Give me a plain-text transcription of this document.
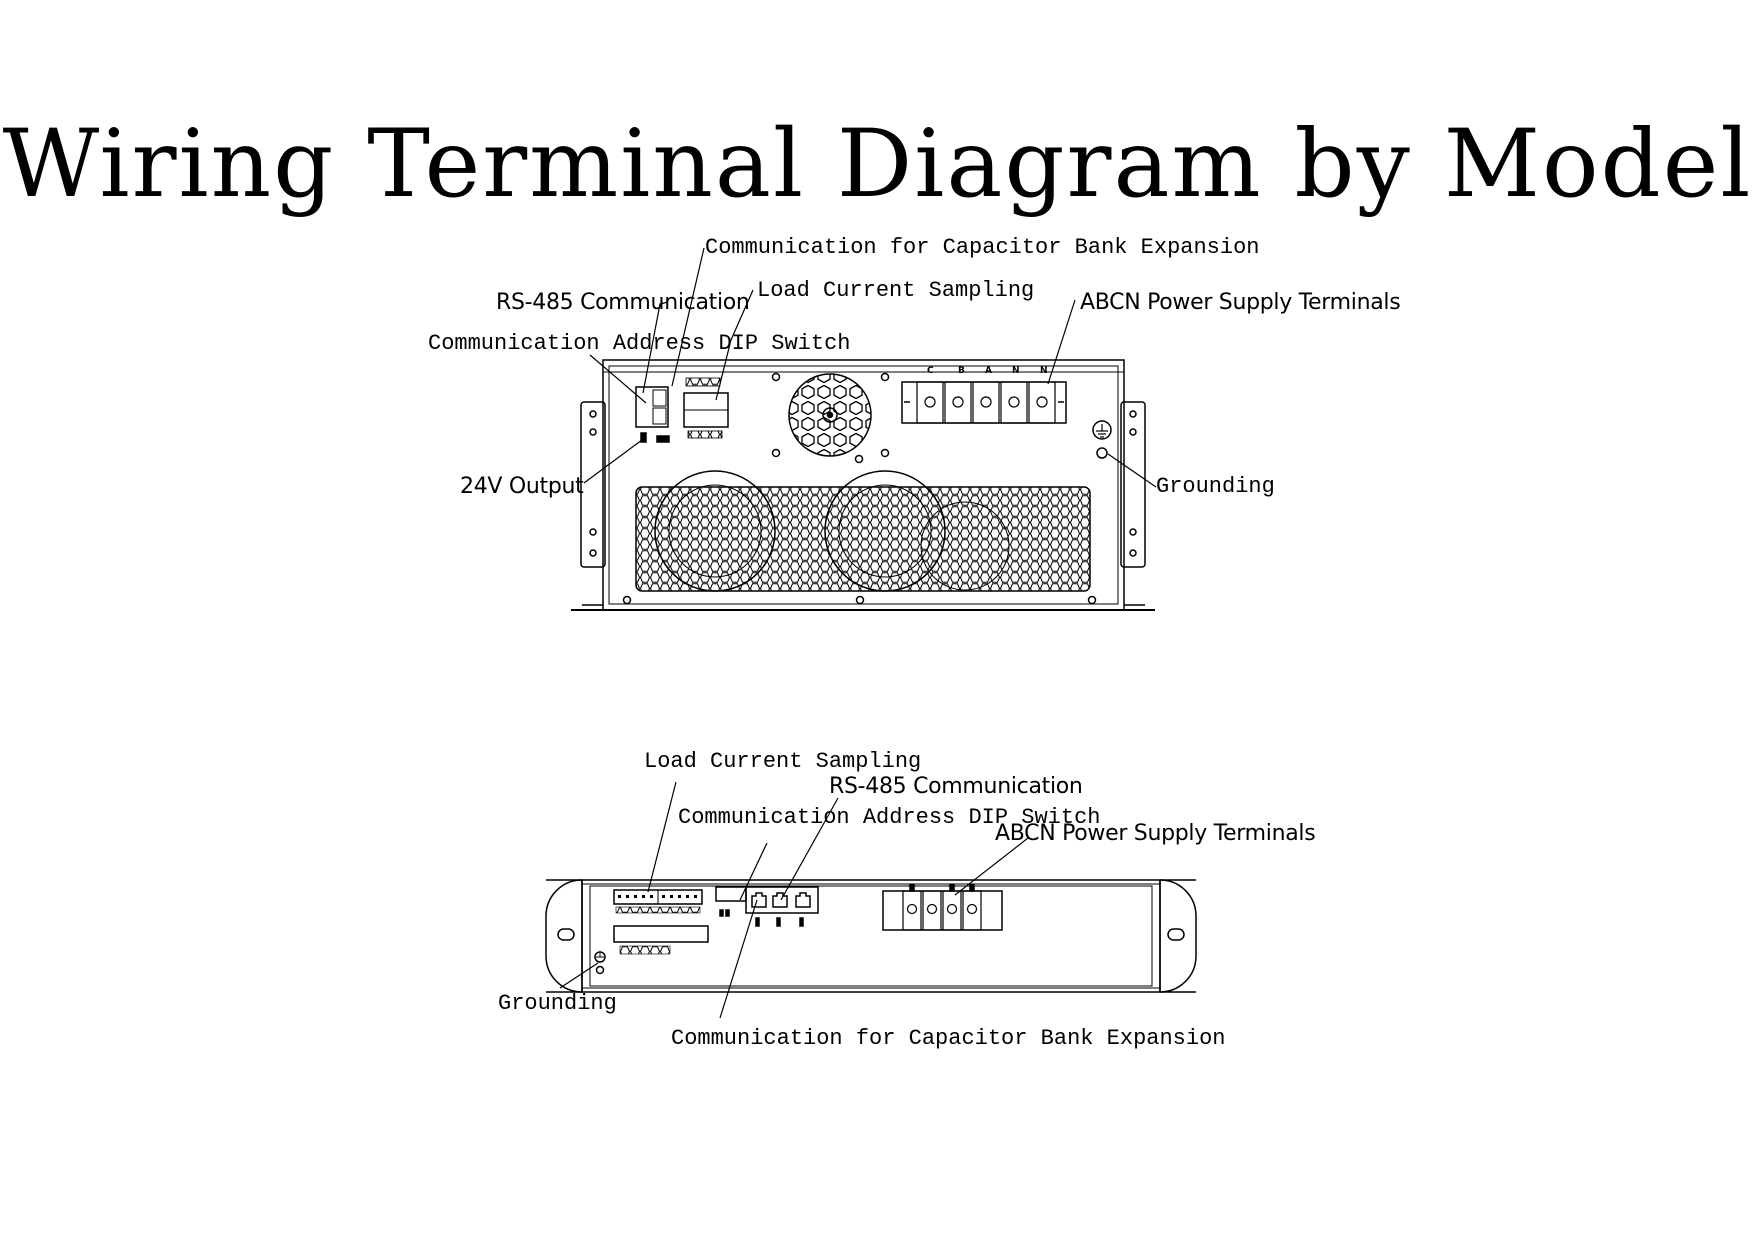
Wiring Terminal Diagram by Model
Communication for Capacitor Bank Expansion
RS-485 Communication Load Current Sampling ABCN Power Supply Terminals
Communication Address DIP Switch
24V Output	Grounding
C	B A N N
Load Current Sampling
RS-485 Communication
Communication Address DIP Switch
ABCN Power Supply Terminals
Grounding
Communication for Capacitor Bank Expansion
